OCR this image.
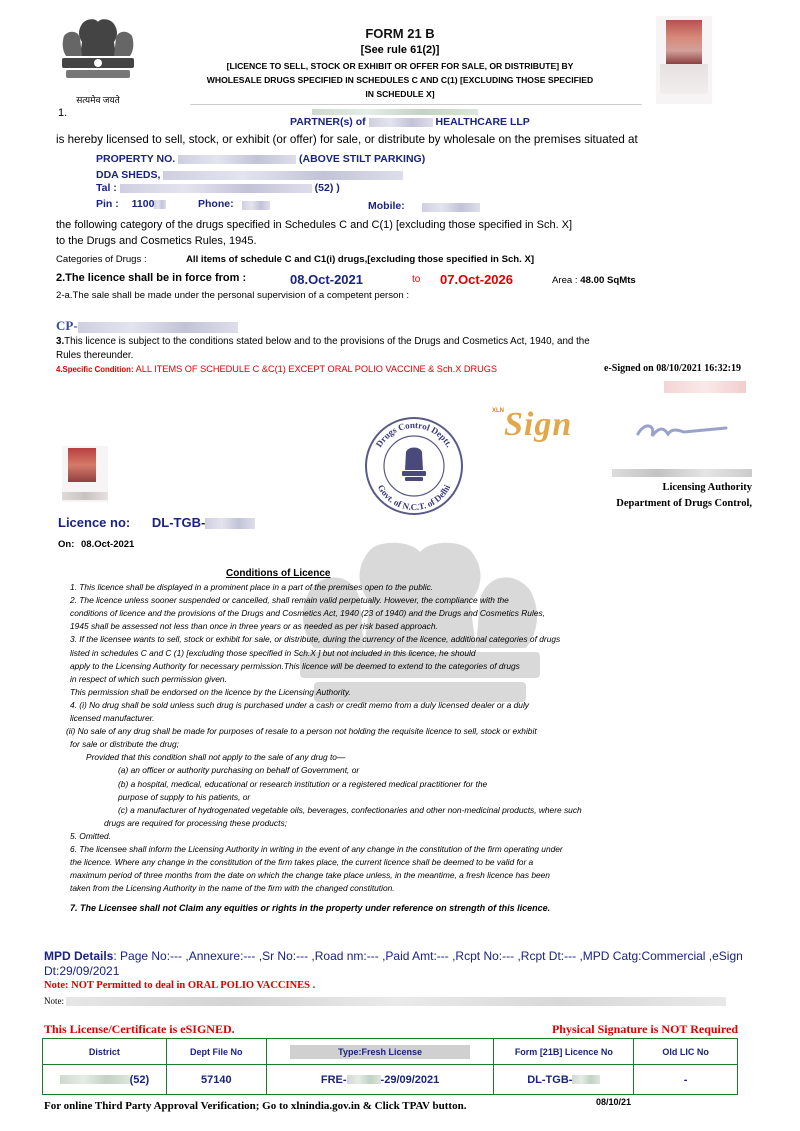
सत्यमेव जयते
FORM 21 B
[See rule 61(2)]
[LICENCE TO SELL, STOCK OR EXHIBIT OR OFFER FOR SALE, OR DISTRIBUTE] BY
WHOLESALE DRUGS SPECIFIED IN SCHEDULES C AND C(1) [EXCLUDING THOSE SPECIFIED
IN SCHEDULE X]
1.
PARTNER(s) of	HEALTHCARE LLP
is hereby licensed to sell, stock, or exhibit (or offer) for sale, or distribute by wholesale on the premises situated at
PROPERTY NO.	(ABOVE STILT PARKING)
DDA SHEDS,
Tal :	(52) )
Pin : 1100	Phone:	Mobile:
the following category of the drugs specified in Schedules C and C(1) [excluding those specified in Sch. X]
to the Drugs and Cosmetics Rules, 1945.
Categories of Drugs :	All items of schedule C and C1(i) drugs,[excluding those specified in Sch. X]
2.The licence shall be in force from :	08.Oct-2021	to 07.Oct-2026	Area : 48.00 SqMts
2-a.The sale shall be made under the personal supervision of a competent person :
CP-
3.This licence is subject to the conditions stated below and to the provisions of the Drugs and Cosmetics Act, 1940, and the
Rules thereunder.
4.Specific Condition: ALL ITEMS OF SCHEDULE C &C(1) EXCEPT ORAL POLIO VACCINE & Sch.X DRUGS	e-Signed on 08/10/2021 16:32:19
Drugs Control Deptt.
Govt. of N.C.T. of Delhi
XLN Sign
Licensing Authority
Department of Drugs Control,
Licence no: DL-TGB-
On: 08.Oct-2021
Conditions of Licence
1. This licence shall be displayed in a prominent place in a part of the premises open to the public.
2. The licence unless sooner suspended or cancelled, shall remain valid perpetually. However, the compliance with the
conditions of licence and the provisions of the Drugs and Cosmetics Act, 1940 (23 of 1940) and the Drugs and Cosmetics Rules,
1945 shall be assessed not less than once in three years or as needed as per risk based approach.
3. If the licensee wants to sell, stock or exhibit for sale, or distribute, during the currency of the licence, additional categories of drugs
listed in schedules C and C (1) [excluding those specified in Sch.X ] but not included in this licence, he should
apply to the Licensing Authority for necessary permission.This licence will be deemed to extend to the categories of drugs
in respect of which such permission given.
This permission shall be endorsed on the licence by the Licensing Authority.
4. (i) No drug shall be sold unless such drug is purchased under a cash or credit memo from a duly licensed dealer or a duly
licensed manufacturer.
(ii) No sale of any drug shall be made for purposes of resale to a person not holding the requisite licence to sell, stock or exhibit
for sale or distribute the drug;
Provided that this condition shall not apply to the sale of any drug to—
(a) an officer or authority purchasing on behalf of Government, or
(b) a hospital, medical, educational or research institution or a registered medical practitioner for the
purpose of supply to his patients, or
(c) a manufacturer of hydrogenated vegetable oils, beverages, confectionaries and other non-medicinal products, where such
drugs are required for processing these products;
5. Omitted.
6. The licensee shall inform the Licensing Authority in writing in the event of any change in the constitution of the firm operating under
the licence. Where any change in the constitution of the firm takes place, the current licence shall be deemed to be valid for a
maximum period of three months from the date on which the change take place unless, in the meantime, a fresh licence has been
taken from the Licensing Authority in the name of the firm with the changed constitution.
7. The Licensee shall not Claim any equities or rights in the property under reference on strength of this licence.
MPD Details: Page No:--- ,Annexure:--- ,Sr No:--- ,Road nm:--- ,Paid Amt:--- ,Rcpt No:--- ,Rcpt Dt:--- ,MPD Catg:Commercial ,eSign
Dt:29/09/2021
Note: NOT Permitted to deal in ORAL POLIO VACCINES .
Note:
This License/Certificate is eSIGNED.	Physical Signature is NOT Required
District	Dept File No	Type:Fresh License	Form [21B] Licence No	Old LIC No
(52)	57140	FRE- -29/09/2021	DL-TGB-	-
For online Third Party Approval Verification; Go to xlnindia.gov.in & Click TPAV button.	08/10/21
